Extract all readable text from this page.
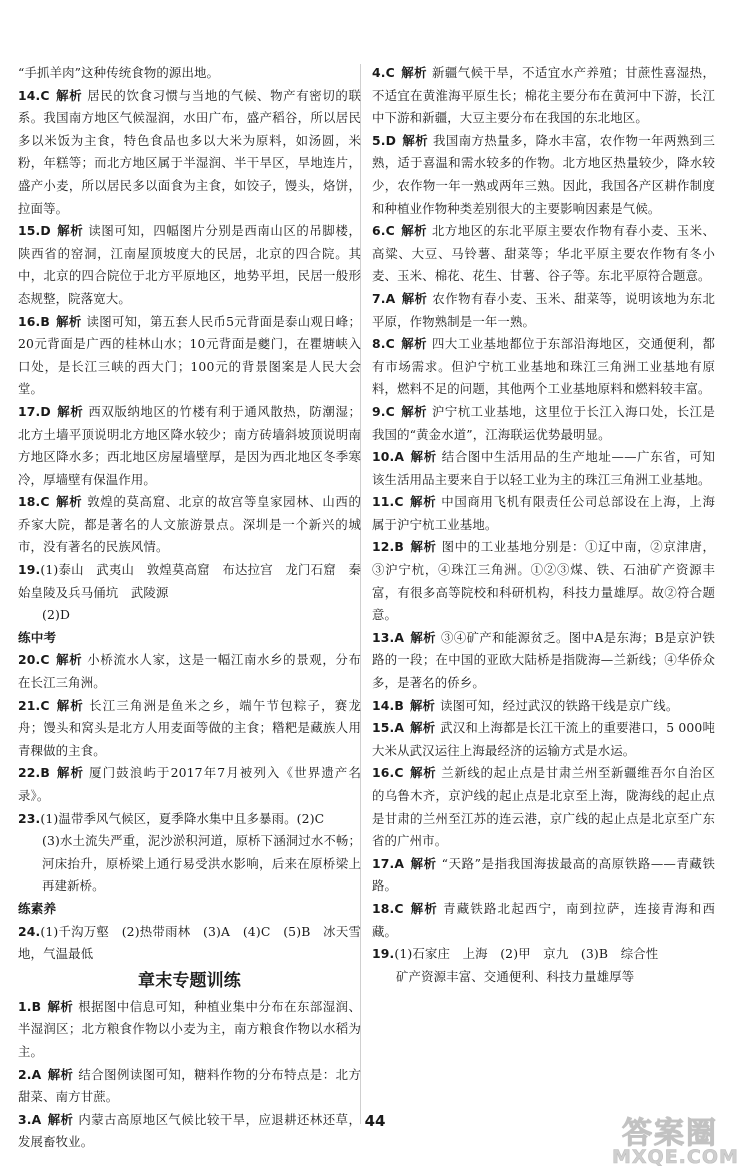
“手抓羊肉”这种传统食物的源出地。

14.C 解析 居民的饮食习惯与当地的气候、物产有密切的联系。我国南方地区气候湿润，水田广布，盛产稻谷，所以居民多以米饭为主食，特色食品也多以大米为原料，如汤圆，米粉，年糕等；而北方地区属于半湿润、半干旱区，旱地连片，盛产小麦，所以居民多以面食为主食，如饺子，馒头，烙饼，拉面等。

15.D 解析 读图可知，四幅图片分别是西南山区的吊脚楼，陕西省的窑洞，江南屋顶坡度大的民居，北京的四合院。其中，北京的四合院位于北方平原地区，地势平坦，民居一般形态规整，院落宽大。

16.B 解析 读图可知，第五套人民币5元背面是泰山观日峰；20元背面是广西的桂林山水；10元背面是夔门，在瞿塘峡入口处，是长江三峡的西大门；100元的背景图案是人民大会堂。

17.D 解析 西双版纳地区的竹楼有利于通风散热，防潮湿；北方土墙平顶说明北方地区降水较少；南方砖墙斜坡顶说明南方地区降水多；西北地区房屋墙壁厚，是因为西北地区冬季寒冷，厚墙壁有保温作用。

18.C 解析 敦煌的莫高窟、北京的故宫等皇家园林、山西的乔家大院，都是著名的人文旅游景点。深圳是一个新兴的城市，没有著名的民族风情。

19.(1)泰山　武夷山　敦煌莫高窟　布达拉宫　龙门石窟　秦始皇陵及兵马俑坑　武陵源

(2)D

练中考

20.C 解析 小桥流水人家，这是一幅江南水乡的景观，分布在长江三角洲。

21.C 解析 长江三角洲是鱼米之乡，端午节包粽子，赛龙舟；馒头和窝头是北方人用麦面等做的主食；糌粑是藏族人用青稞做的主食。

22.B 解析 厦门鼓浪屿于2017年7月被列入《世界遗产名录》。

23.(1)温带季风气候区，夏季降水集中且多暴雨。(2)C

(3)水土流失严重，泥沙淤积河道，原桥下涵洞过水不畅；河床抬升，原桥梁上通行易受洪水影响，后来在原桥梁上再建新桥。

练素养

24.(1)千沟万壑　(2)热带雨林　(3)A　(4)C　(5)B　冰天雪地，气温最低

章末专题训练

1.B 解析 根据图中信息可知，种植业集中分布在东部湿润、半湿润区；北方粮食作物以小麦为主，南方粮食作物以水稻为主。

2.A 解析 结合图例读图可知，糖料作物的分布特点是：北方甜菜、南方甘蔗。

3.A 解析 内蒙古高原地区气候比较干旱，应退耕还林还草，发展畜牧业。

4.C 解析 新疆气候干旱，不适宜水产养殖；甘蔗性喜湿热，不适宜在黄淮海平原生长；棉花主要分布在黄河中下游，长江中下游和新疆，大豆主要分布在我国的东北地区。

5.D 解析 我国南方热量多，降水丰富，农作物一年两熟到三熟，适于喜温和需水较多的作物。北方地区热量较少，降水较少，农作物一年一熟或两年三熟。因此，我国各产区耕作制度和种植业作物种类差别很大的主要影响因素是气候。

6.C 解析 北方地区的东北平原主要农作物有春小麦、玉米、高粱、大豆、马铃薯、甜菜等；华北平原主要农作物有冬小麦、玉米、棉花、花生、甘薯、谷子等。东北平原符合题意。

7.A 解析 农作物有春小麦、玉米、甜菜等，说明该地为东北平原，作物熟制是一年一熟。

8.C 解析 四大工业基地都位于东部沿海地区，交通便利，都有市场需求。但沪宁杭工业基地和珠江三角洲工业基地有原料，燃料不足的问题，其他两个工业基地原料和燃料较丰富。

9.C 解析 沪宁杭工业基地，这里位于长江入海口处，长江是我国的“黄金水道”，江海联运优势最明显。

10.A 解析 结合图中生活用品的生产地址——广东省，可知该生活用品主要来自于以轻工业为主的珠江三角洲工业基地。

11.C 解析 中国商用飞机有限责任公司总部设在上海，上海属于沪宁杭工业基地。

12.B 解析 图中的工业基地分别是：①辽中南，②京津唐，③沪宁杭，④珠江三角洲。①②③煤、铁、石油矿产资源丰富，有很多高等院校和科研机构，科技力量雄厚。故②符合题意。

13.A 解析 ③④矿产和能源贫乏。图中A是东海；B是京沪铁路的一段；在中国的亚欧大陆桥是指陇海—兰新线；④华侨众多，是著名的侨乡。

14.B 解析 读图可知，经过武汉的铁路干线是京广线。

15.A 解析 武汉和上海都是长江干流上的重要港口，5 000吨大米从武汉运往上海最经济的运输方式是水运。

16.C 解析 兰新线的起止点是甘肃兰州至新疆维吾尔自治区的乌鲁木齐，京沪线的起止点是北京至上海，陇海线的起止点是甘肃的兰州至江苏的连云港，京广线的起止点是北京至广东省的广州市。

17.A 解析 “天路”是指我国海拔最高的高原铁路——青藏铁路。

18.C 解析 青藏铁路北起西宁，南到拉萨，连接青海和西藏。

19.(1)石家庄　上海　(2)甲　京九　(3)B　综合性

矿产资源丰富、交通便利、科技力量雄厚等

44	答案圈
MXQE.COM
